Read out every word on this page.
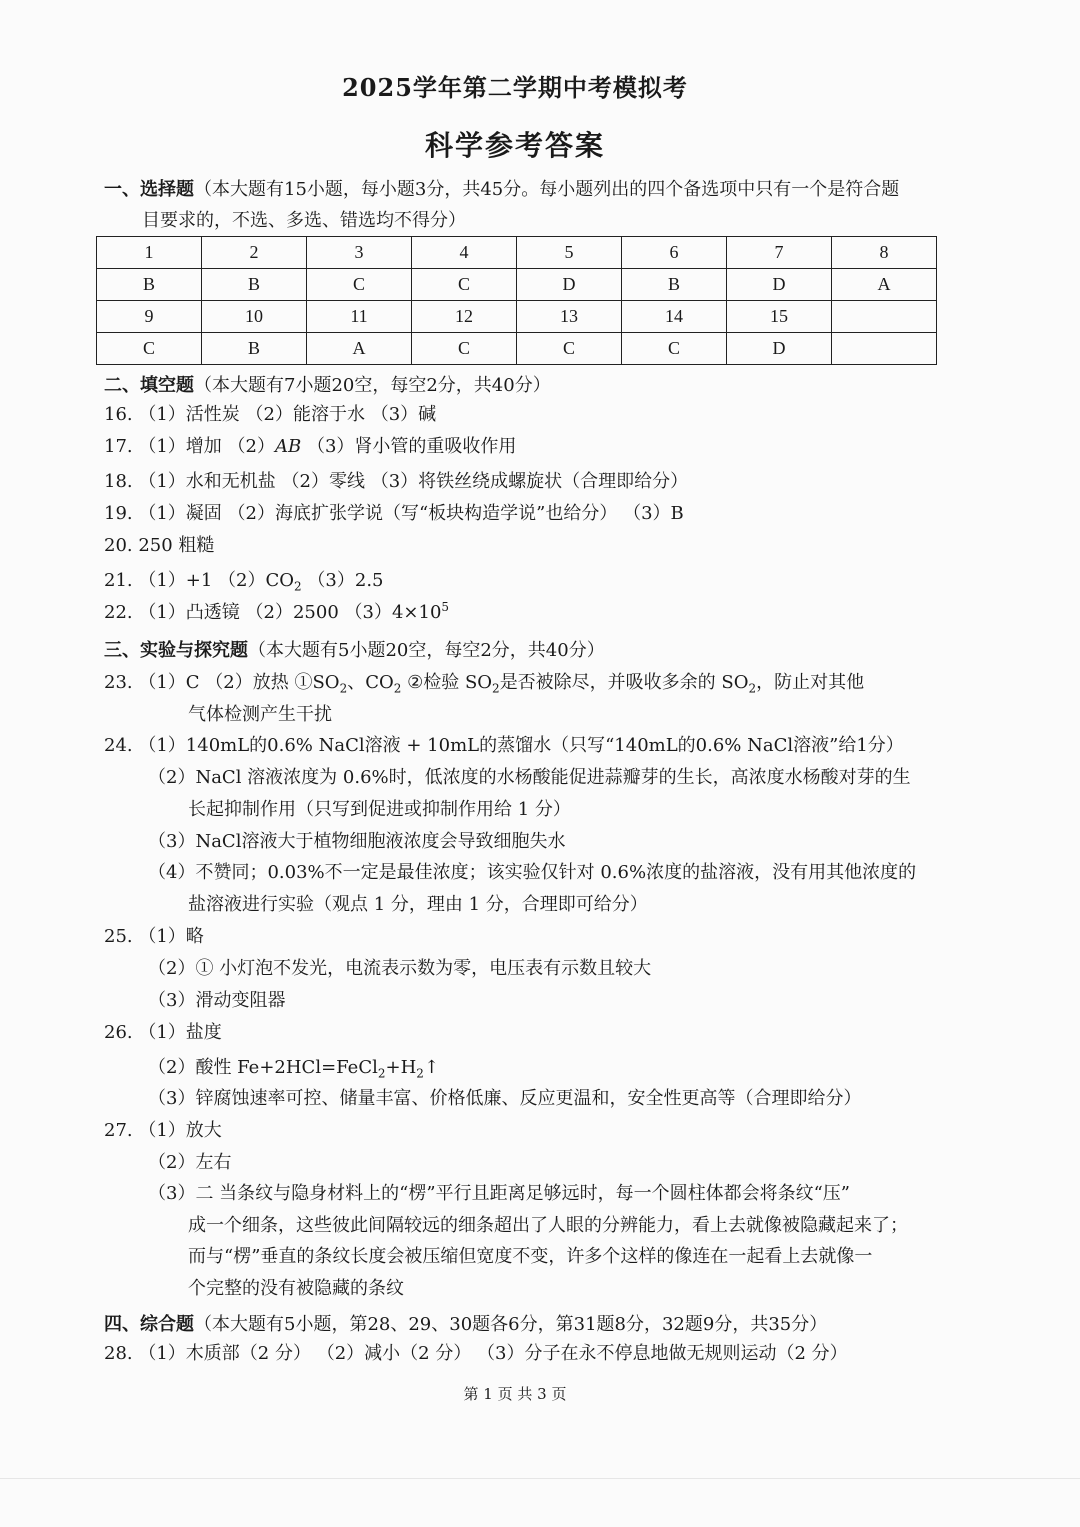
2025学年第二学期中考模拟考
科学参考答案
一、选择题（本大题有15小题，每小题3分，共45分。每小题列出的四个备选项中只有一个是符合题
目要求的，不选、多选、错选均不得分）
1	2	3	4	5	6	7	8
B	B	C	C	D	B	D	A
9	10	11	12	13	14	15	
C	B	A	C	C	C	D	
二、填空题（本大题有7小题20空，每空2分，共40分）
16. （1）活性炭 （2）能溶于水 （3）碱
17. （1）增加 （2）AB （3）肾小管的重吸收作用
18. （1）水和无机盐 （2）零线 （3）将铁丝绕成螺旋状（合理即给分）
19. （1）凝固 （2）海底扩张学说（写“板块构造学说”也给分） （3）B
20. 250 粗糙
21. （1）+1 $(2)CO_2$ （3）2.5
22. （1）凸透镜 （2）2500 $(3)4\times 10^5$
三、实验与探究题（本大题有5小题20空，每空2分，共40分）
23. （1）C （2）放热 $①SO_2$、$CO_2$ ②检验 $SO_2$是否被除尽，并吸收多余的 $SO_2$，防止对其他
气体检测产生干扰
24. （1）140mL的0.6% NaCl溶液 + 10mL的蒸馏水（只写“140mL的0.6% NaCl溶液”给1分）
（2）NaCl 溶液浓度为 0.6%时，低浓度的水杨酸能促进蒜瓣芽的生长，高浓度水杨酸对芽的生
长起抑制作用（只写到促进或抑制作用给 1 分）
（3）NaCl溶液大于植物细胞液浓度会导致细胞失水
（4）不赞同；0.03%不一定是最佳浓度；该实验仅针对 0.6%浓度的盐溶液，没有用其他浓度的
盐溶液进行实验（观点 1 分，理由 1 分，合理即可给分）
25. （1）略
（2）① 小灯泡不发光，电流表示数为零，电压表有示数且较大
（3）滑动变阻器
26. （1）盐度
（2）酸性 $Fe+2HCl=FeCl_2+H_2↑$
（3）锌腐蚀速率可控、储量丰富、价格低廉、反应更温和，安全性更高等（合理即给分）
27. （1）放大
（2）左右
（3）二 当条纹与隐身材料上的“楞”平行且距离足够远时，每一个圆柱体都会将条纹“压”
成一个细条，这些彼此间隔较远的细条超出了人眼的分辨能力，看上去就像被隐藏起来了；
而与“楞”垂直的条纹长度会被压缩但宽度不变，许多个这样的像连在一起看上去就像一
个完整的没有被隐藏的条纹
四、综合题（本大题有5小题，第28、29、30题各6分，第31题8分，32题9分，共35分）
28. （1）木质部（2 分） （2）减小（2 分） （3）分子在永不停息地做无规则运动（2 分）
第 1 页 共 3 页
